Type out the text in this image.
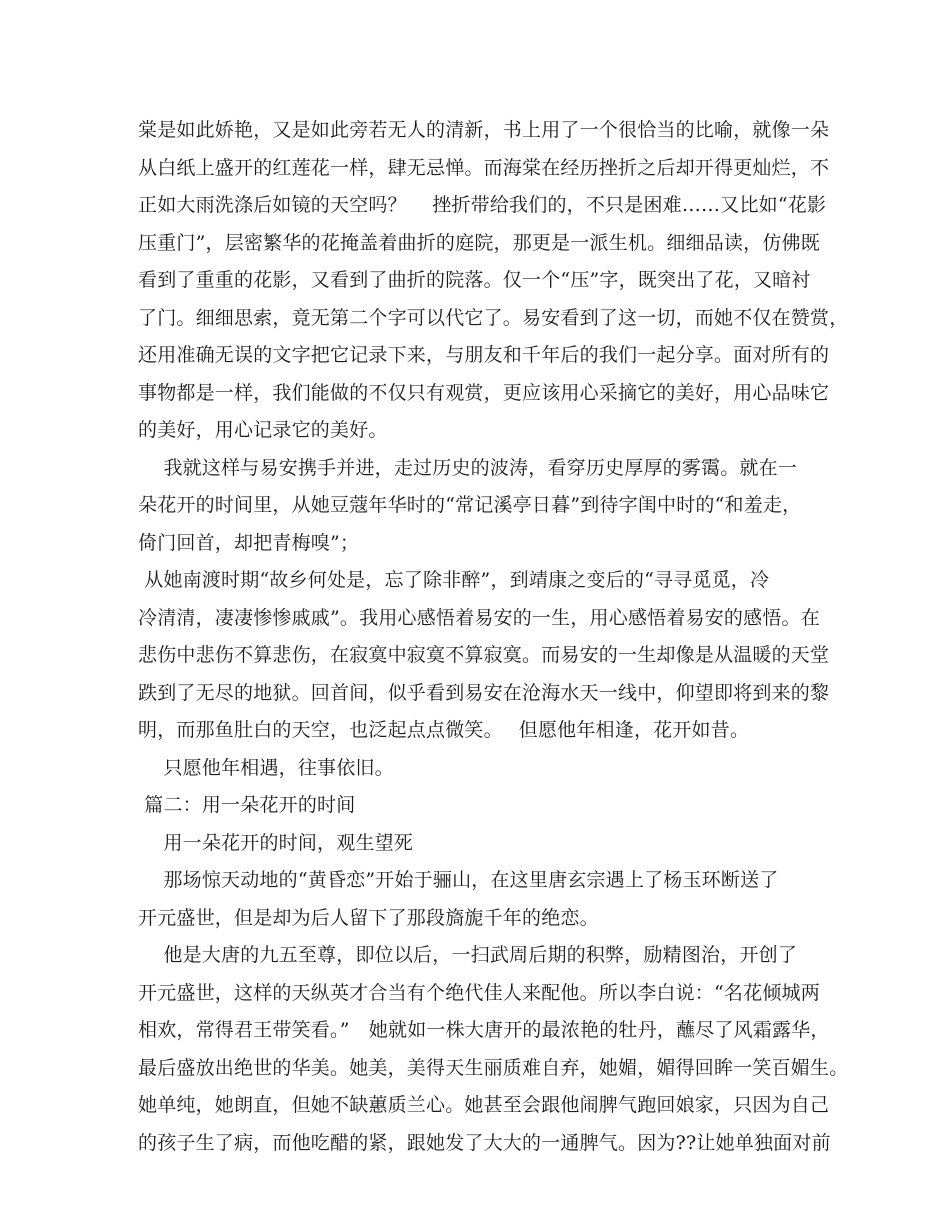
棠是如此娇艳，又是如此旁若无人的清新，书上用了一个很恰当的比喻，就像一朵
从白纸上盛开的红莲花一样，肆无忌惮。而海棠在经历挫折之后却开得更灿烂，不
正如大雨洗涤后如镜的天空吗？　 挫折带给我们的，不只是困难……又比如“花影
压重门”，层密繁华的花掩盖着曲折的庭院，那更是一派生机。细细品读，仿佛既
看到了重重的花影，又看到了曲折的院落。仅一个“压”字，既突出了花，又暗衬
了门。细细思索，竟无第二个字可以代它了。易安看到了这一切，而她不仅在赞赏，
还用准确无误的文字把它记录下来，与朋友和千年后的我们一起分享。面对所有的
事物都是一样，我们能做的不仅只有观赏，更应该用心采摘它的美好，用心品味它
的美好，用心记录它的美好。
　 我就这样与易安携手并进，走过历史的波涛，看穿历史厚厚的雾霭。就在一
朵花开的时间里，从她豆蔻年华时的“常记溪亭日暮”到待字闺中时的“和羞走，
倚门回首，却把青梅嗅”；
从她南渡时期“故乡何处是，忘了除非醉”，到靖康之变后的“寻寻觅觅，冷
冷清清，凄凄惨惨戚戚”。我用心感悟着易安的一生，用心感悟着易安的感悟。在
悲伤中悲伤不算悲伤，在寂寞中寂寞不算寂寞。而易安的一生却像是从温暖的天堂
跌到了无尽的地狱。回首间，似乎看到易安在沧海水天一线中，仰望即将到来的黎
明，而那鱼肚白的天空，也泛起点点微笑。　 但愿他年相逢，花开如昔。
　 只愿他年相遇，往事依旧。
篇二：用一朵花开的时间
　 用一朵花开的时间，观生望死
　 那场惊天动地的“黄昏恋”开始于骊山，在这里唐玄宗遇上了杨玉环断送了
开元盛世，但是却为后人留下了那段旖旎千年的绝恋。
　 他是大唐的九五至尊，即位以后，一扫武周后期的积弊，励精图治，开创了
开元盛世，这样的天纵英才合当有个绝代佳人来配他。所以李白说：“名花倾城两
相欢，常得君王带笑看。”　她就如一株大唐开的最浓艳的牡丹，蘸尽了风霜露华，
最后盛放出绝世的华美。她美，美得天生丽质难自弃，她媚，媚得回眸一笑百媚生。
她单纯，她朗直，但她不缺蕙质兰心。她甚至会跟他闹脾气跑回娘家，只因为自己
的孩子生了病，而他吃醋的紧，跟她发了大大的一通脾气。因为??让她单独面对前
